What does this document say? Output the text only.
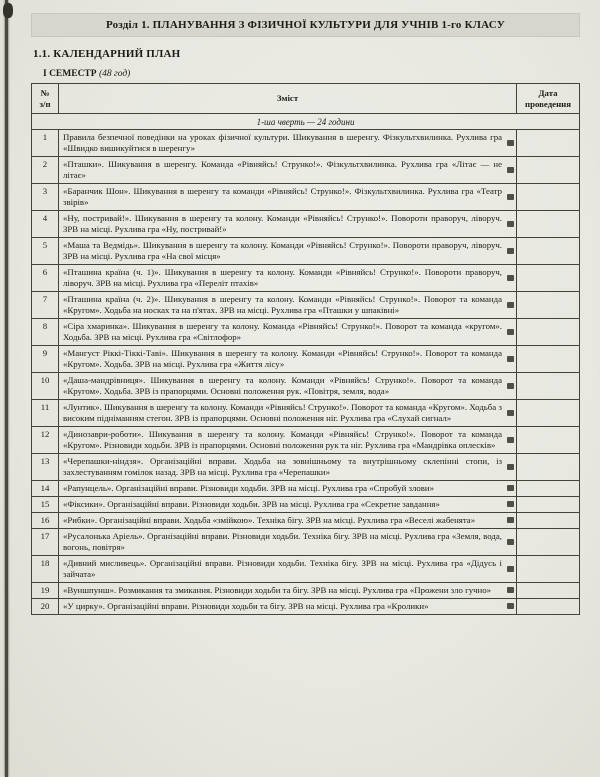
Розділ 1. ПЛАНУВАННЯ З ФІЗИЧНОЇ КУЛЬТУРИ ДЛЯ УЧНІВ 1-го КЛАСУ
1.1. КАЛЕНДАРНИЙ ПЛАН
І СЕМЕСТР (48 год)
№
з/п	Зміст	Дата проведення
1-ша чверть — 24 години		
1	Правила безпечної поведінки на уроках фізичної культури. Шикування в шеренгу. Фізкультхвилинка. Рухлива гра «Швидко вишикуйтися в шеренгу»	
2	«Пташки». Шикування в шеренгу. Команда «Рівняйсь! Струнко!». Фізкультхвилинка. Рухлива гра «Літає — не літає»	
3	«Баранчик Шон». Шикування в шеренгу та команди «Рівняйсь! Струнко!». Фізкультхвилинка. Рухлива гра «Театр звірів»	
4	«Ну, постривай!». Шикування в шеренгу та колону. Команди «Рівняйсь! Струнко!». Повороти праворуч, ліворуч. ЗРВ на місці. Рухлива гра «Ну, постривай!»	
5	«Маша та Ведмідь». Шикування в шеренгу та колону. Команди «Рівняйсь! Струнко!». Повороти праворуч, ліворуч. ЗРВ на місці. Рухлива гра «На свої місця»	
6	«Пташина країна (ч. 1)». Шикування в шеренгу та колону. Команди «Рівняйсь! Струнко!». Повороти праворуч, ліворуч. ЗРВ на місці. Рухлива гра «Переліт птахів»	
7	«Пташина країна (ч. 2)». Шикування в шеренгу та колону. Команди «Рівняйсь! Струнко!». Поворот та команда «Кругом». Ходьба на носках та на п'ятах. ЗРВ на місці. Рухлива гра «Пташки у шпаківні»	
8	«Сіра хмаринка». Шикування в шеренгу та колону. Команда «Рівняйсь! Струнко!». Поворот та команда «кругом». Ходьба. ЗРВ на місці. Рухлива гра «Світлофор»	
9	«Мангуст Ріккі-Тіккі-Таві». Шикування в шеренгу та колону. Команди «Рівняйсь! Струнко!». Поворот та команда «Кругом». Ходьба. ЗРВ на місці. Рухлива гра «Життя лісу»	
10	«Даша-мандрівниця». Шикування в шеренгу та колону. Команди «Рівняйсь! Струнко!». Поворот та команда «Кругом». Ходьба. ЗРВ із прапорцями. Основні положення рук. «Повітря, земля, вода»	
11	«Лунтик». Шикування в шеренгу та колону. Команди «Рівняйсь! Струнко!». Поворот та команда «Кругом». Ходьба з високим підніманням стегон. ЗРВ із прапорцями. Основні положення ніг. Рухлива гра «Слухай сигнал»	
12	«Динозаври-роботи». Шикування в шеренгу та колону. Команди «Рівняйсь! Струнко!». Поворот та команда «Кругом». Різновиди ходьби. ЗРВ із прапорцями. Основні положення рук та ніг. Рухлива гра «Мандрівка оплесків»	
13	«Черепашки-ніндзя». Організаційні вправи. Ходьба на зовнішньому та внутрішньому склепінні стопи, із захлестуванням гомілок назад. ЗРВ на місці. Рухлива гра «Черепашки»	
14	«Рапунцель». Організаційні вправи. Різновиди ходьби. ЗРВ на місці. Рухлива гра «Спробуй злови»	
15	«Фіксики». Організаційні вправи. Різновиди ходьби. ЗРВ на місці. Рухлива гра «Секретне завдання»	
16	«Рибки». Організаційні вправи. Ходьба «змійкою». Техніка бігу. ЗРВ на місці. Рухлива гра «Веселі жабенята»	
17	«Русалонька Аріель». Організаційні вправи. Різновиди ходьби. Техніка бігу. ЗРВ на місці. Рухлива гра «Земля, вода, вогонь, повітря»	
18	«Дивний мисливець». Організаційні вправи. Різновиди ходьби. Техніка бігу. ЗРВ на місці. Рухлива гра «Дідусь і зайчата»	
19	«Вуншпунш». Розмикання та змикання. Різновиди ходьби та бігу. ЗРВ на місці. Рухлива гра «Прожени зло гучно»	
20	«У цирку». Організаційні вправи. Різновиди ходьби та бігу. ЗРВ на місці. Рухлива гра «Кролики»	
